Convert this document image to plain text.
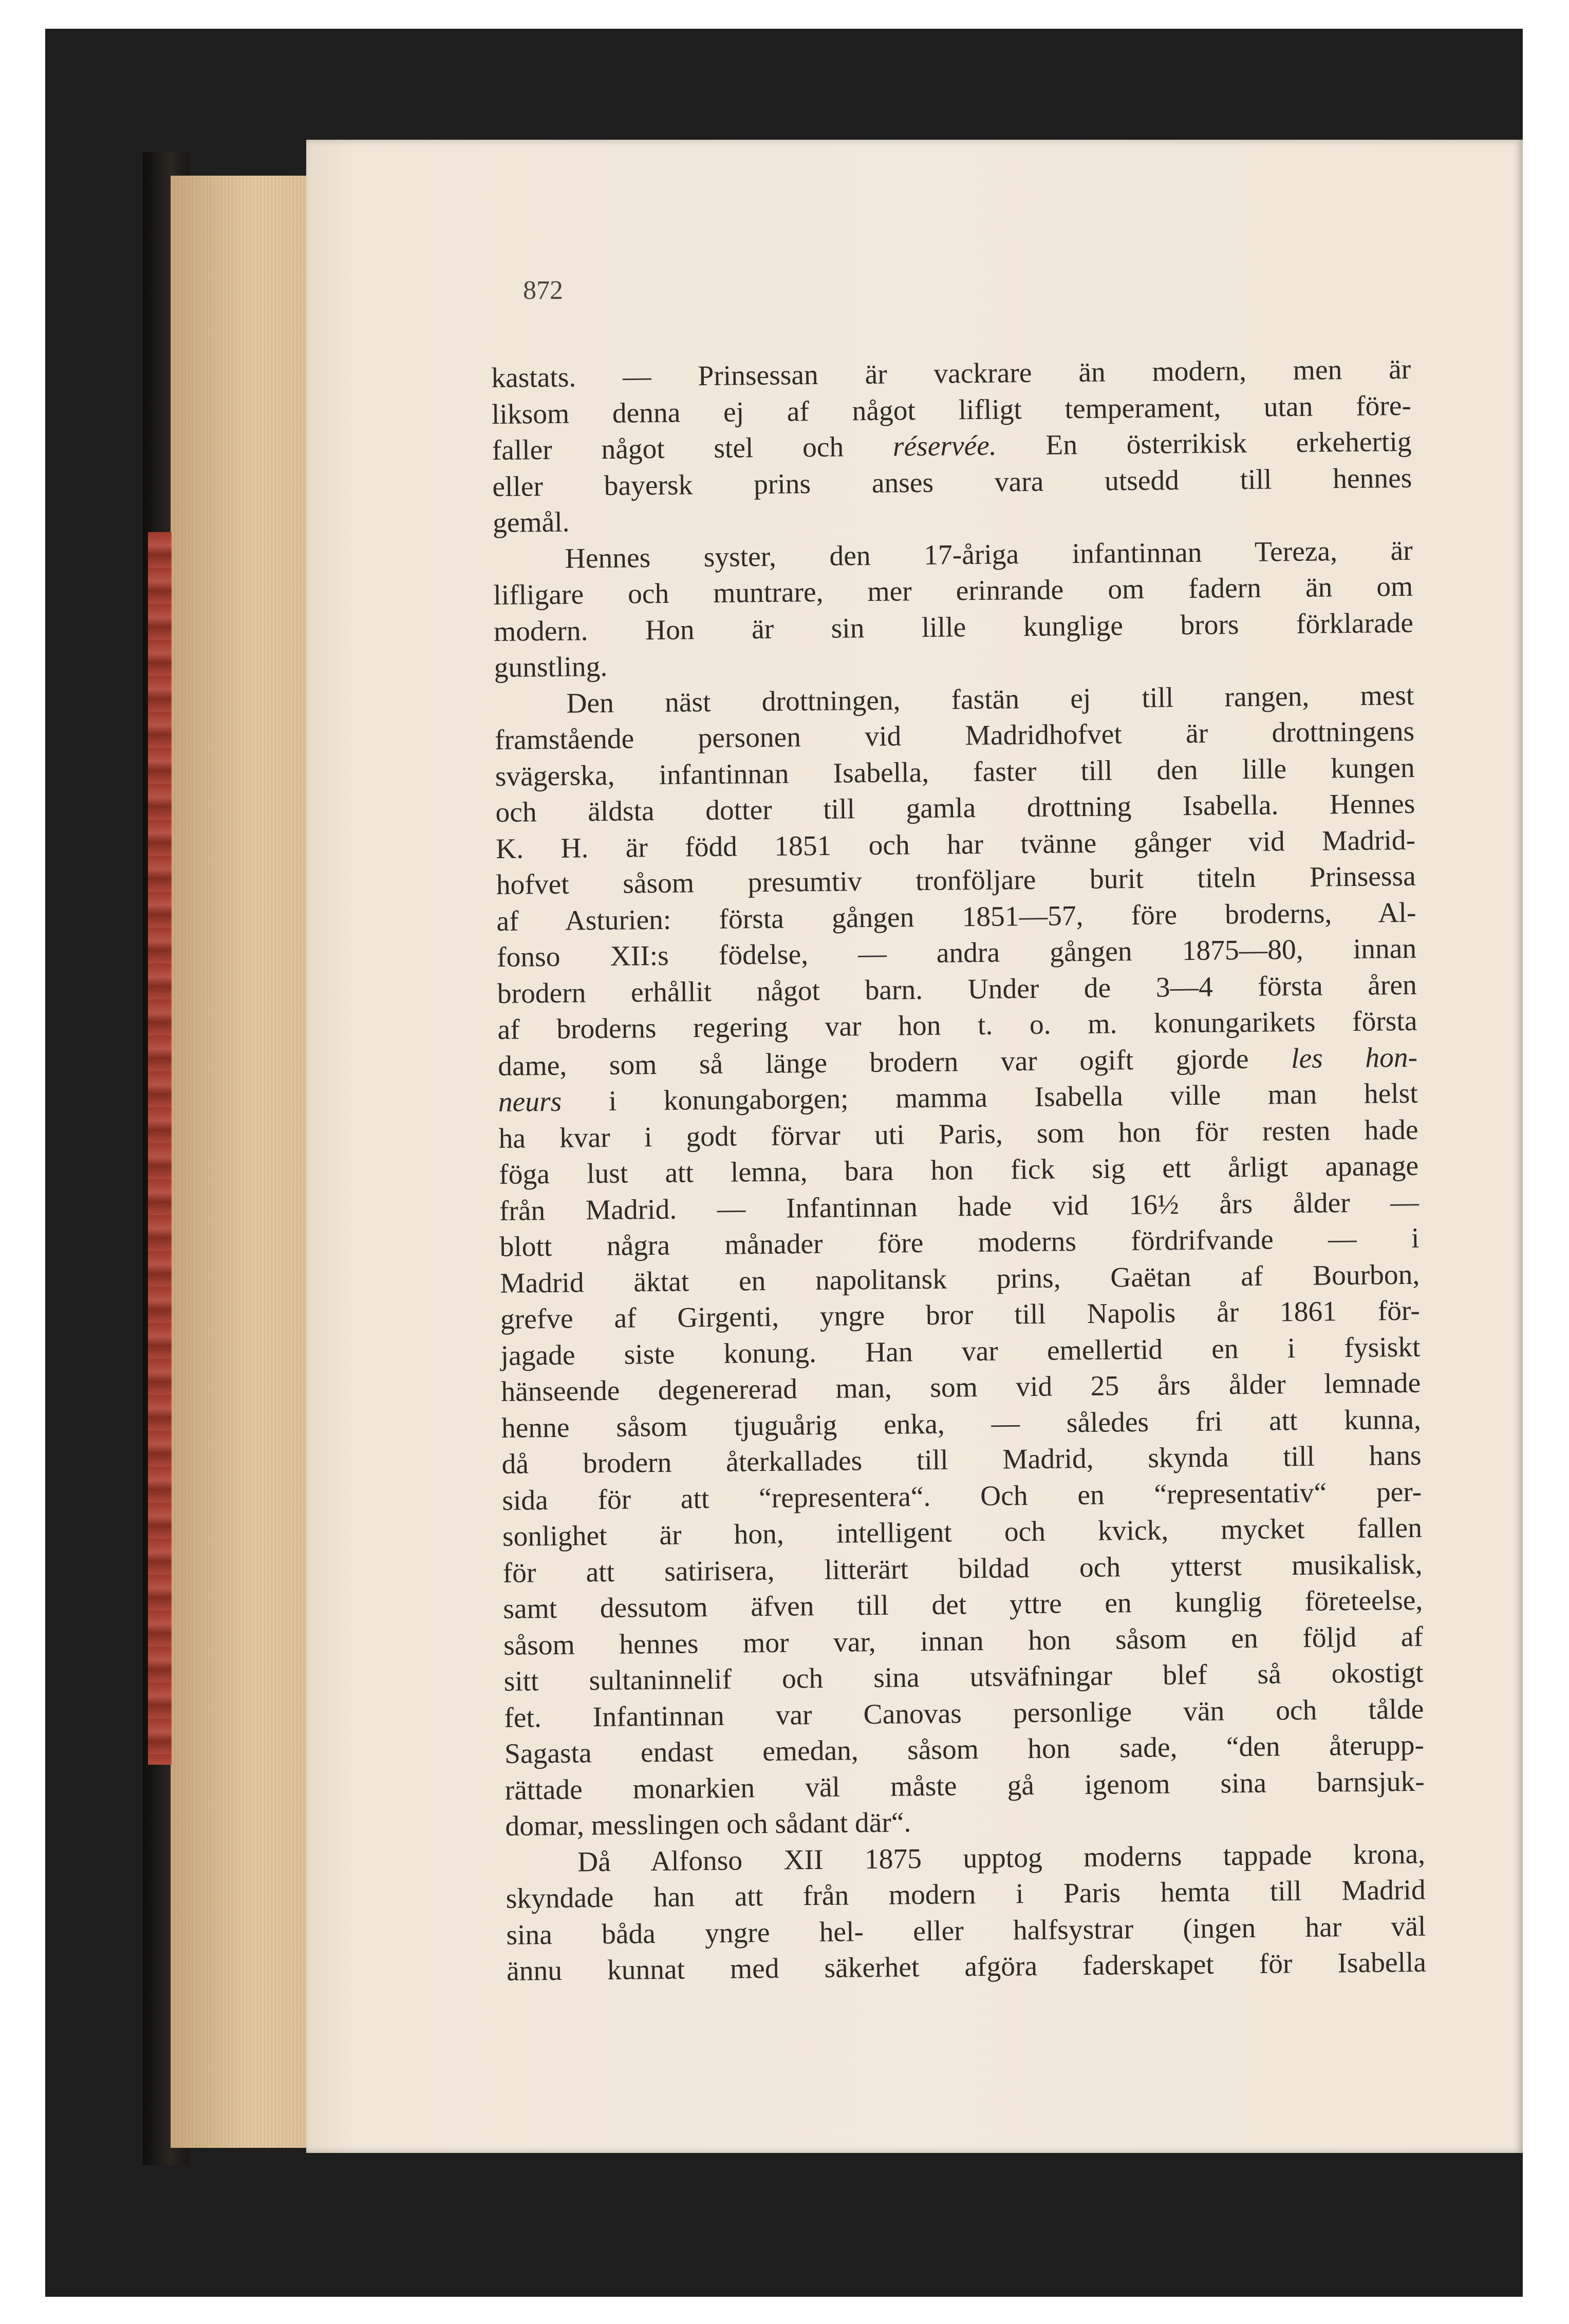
872
kastats. — Prinsessan är vackrare än modern, men är
liksom denna ej af något lifligt temperament, utan före-
faller något stel och réservée. En österrikisk erkehertig
eller bayersk prins anses vara utsedd till hennes
gemål.
Hennes syster, den 17-åriga infantinnan Tereza, är
lifligare och muntrare, mer erinrande om fadern än om
modern. Hon är sin lille kunglige brors förklarade
gunstling.
Den näst drottningen, fastän ej till rangen, mest
framstående personen vid Madridhofvet är drottningens
svägerska, infantinnan Isabella, faster till den lille kungen
och äldsta dotter till gamla drottning Isabella. Hennes
K. H. är född 1851 och har tvänne gånger vid Madrid-
hofvet såsom presumtiv tronföljare burit titeln Prinsessa
af Asturien: första gången 1851—57, före broderns, Al-
fonso XII:s födelse, — andra gången 1875—80, innan
brodern erhållit något barn. Under de 3—4 första åren
af broderns regering var hon t. o. m. konungarikets första
dame, som så länge brodern var ogift gjorde les hon-
neurs i konungaborgen; mamma Isabella ville man helst
ha kvar i godt förvar uti Paris, som hon för resten hade
föga lust att lemna, bara hon fick sig ett årligt apanage
från Madrid. — Infantinnan hade vid 16½ års ålder —
blott några månader före moderns fördrifvande — i
Madrid äktat en napolitansk prins, Gaëtan af Bourbon,
grefve af Girgenti, yngre bror till Napolis år 1861 för-
jagade siste konung. Han var emellertid en i fysiskt
hänseende degenererad man, som vid 25 års ålder lemnade
henne såsom tjuguårig enka, — således fri att kunna,
då brodern återkallades till Madrid, skynda till hans
sida för att “representera“. Och en “representativ“ per-
sonlighet är hon, intelligent och kvick, mycket fallen
för att satirisera, litterärt bildad och ytterst musikalisk,
samt dessutom äfven till det yttre en kunglig företeelse,
såsom hennes mor var, innan hon såsom en följd af
sitt sultaninnelif och sina utsväfningar blef så okostigt
fet. Infantinnan var Canovas personlige vän och tålde
Sagasta endast emedan, såsom hon sade, “den återupp-
rättade monarkien väl måste gå igenom sina barnsjuk-
domar, messlingen och sådant där“.
Då Alfonso XII 1875 upptog moderns tappade krona,
skyndade han att från modern i Paris hemta till Madrid
sina båda yngre hel- eller halfsystrar (ingen har väl
ännu kunnat med säkerhet afgöra faderskapet för Isabella
